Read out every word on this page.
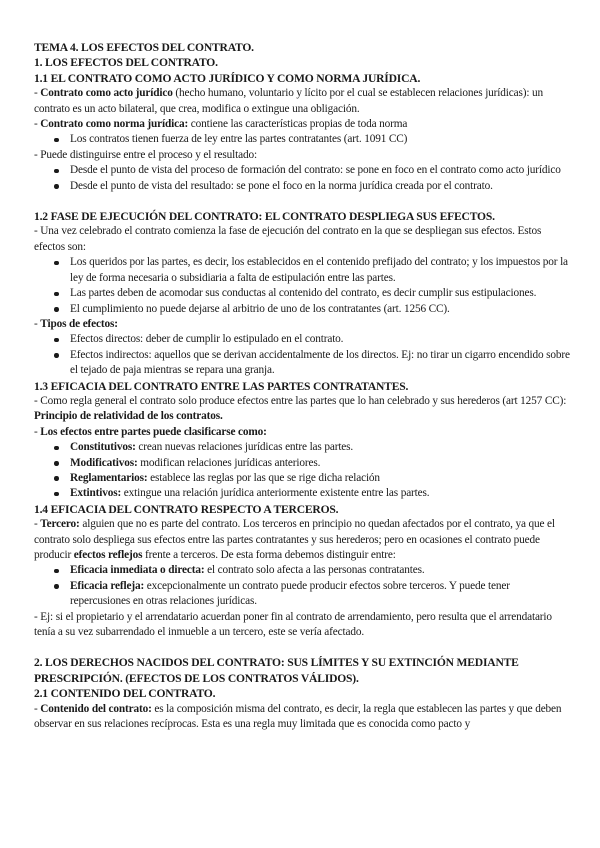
TEMA 4. LOS EFECTOS DEL CONTRATO.
1. LOS EFECTOS DEL CONTRATO.
1.1 EL CONTRATO COMO ACTO JURÍDICO Y COMO NORMA JURÍDICA.

- Contrato como acto jurídico (hecho humano, voluntario y lícito por el cual se establecen relaciones jurídicas): un contrato es un acto bilateral, que crea, modifica o extingue una obligación.

- Contrato como norma jurídica: contiene las características propias de toda norma

Los contratos tienen fuerza de ley entre las partes contratantes (art. 1091 CC)

- Puede distinguirse entre el proceso y el resultado:

Desde el punto de vista del proceso de formación del contrato: se pone en foco en el contrato como acto jurídico
Desde el punto de vista del resultado: se pone el foco en la norma jurídica creada por el contrato.
1.2 FASE DE EJECUCIÓN DEL CONTRATO: EL CONTRATO DESPLIEGA SUS EFECTOS.

- Una vez celebrado el contrato comienza la fase de ejecución del contrato en la que se despliegan sus efectos. Estos efectos son:

Los queridos por las partes, es decir, los establecidos en el contenido prefijado del contrato; y los impuestos por la ley de forma necesaria o subsidiaria a falta de estipulación entre las partes.
Las partes deben de acomodar sus conductas al contenido del contrato, es decir cumplir sus estipulaciones.
El cumplimiento no puede dejarse al arbitrio de uno de los contratantes (art. 1256 CC).

- Tipos de efectos:

Efectos directos: deber de cumplir lo estipulado en el contrato.
Efectos indirectos: aquellos que se derivan accidentalmente de los directos. Ej: no tirar un cigarro encendido sobre el tejado de paja mientras se repara una granja.
1.3 EFICACIA DEL CONTRATO ENTRE LAS PARTES CONTRATANTES.

- Como regla general el contrato solo produce efectos entre las partes que lo han celebrado y sus herederos (art 1257 CC): Principio de relatividad de los contratos.

- Los efectos entre partes puede clasificarse como:

Constitutivos: crean nuevas relaciones jurídicas entre las partes.
Modificativos: modifican relaciones jurídicas anteriores.
Reglamentarios: establece las reglas por las que se rige dicha relación
Extintivos: extingue una relación jurídica anteriormente existente entre las partes.
1.4 EFICACIA DEL CONTRATO RESPECTO A TERCEROS.

- Tercero: alguien que no es parte del contrato. Los terceros en principio no quedan afectados por el contrato, ya que el contrato solo despliega sus efectos entre las partes contratantes y sus herederos; pero en ocasiones el contrato puede producir efectos reflejos frente a terceros. De esta forma debemos distinguir entre:

Eficacia inmediata o directa: el contrato solo afecta a las personas contratantes.
Eficacia refleja: excepcionalmente un contrato puede producir efectos sobre terceros. Y puede tener repercusiones en otras relaciones jurídicas.

- Ej: si el propietario y el arrendatario acuerdan poner fin al contrato de arrendamiento, pero resulta que el arrendatario tenía a su vez subarrendado el inmueble a un tercero, este se vería afectado.

2. LOS DERECHOS NACIDOS DEL CONTRATO: SUS LÍMITES Y SU EXTINCIÓN MEDIANTE PRESCRIPCIÓN. (EFECTOS DE LOS CONTRATOS VÁLIDOS).
2.1 CONTENIDO DEL CONTRATO.

- Contenido del contrato: es la composición misma del contrato, es decir, la regla que establecen las partes y que deben observar en sus relaciones recíprocas. Esta es una regla muy limitada que es conocida como pacto y
